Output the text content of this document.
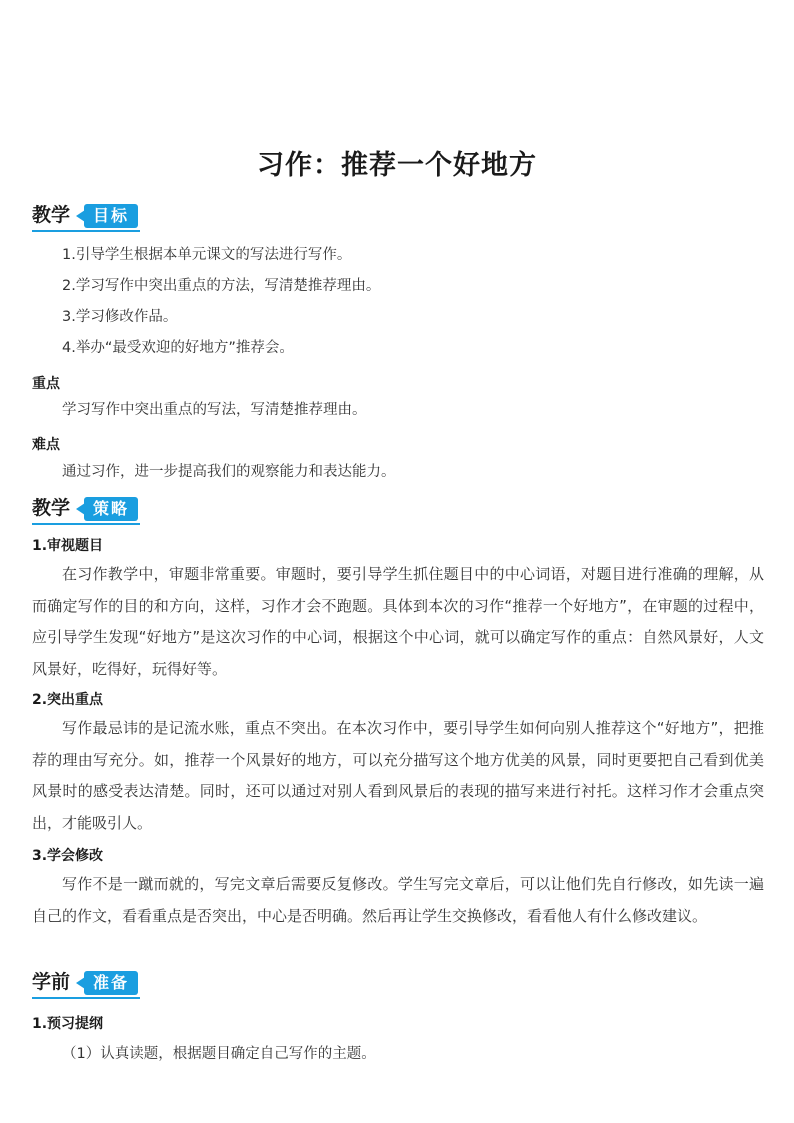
习作：推荐一个好地方
教学	目标
1.引导学生根据本单元课文的写法进行写作。
2.学习写作中突出重点的方法，写清楚推荐理由。
3.学习修改作品。
4.举办“最受欢迎的好地方”推荐会。
重点
学习写作中突出重点的写法，写清楚推荐理由。
难点
通过习作，进一步提高我们的观察能力和表达能力。
教学	策略
1.审视题目
在习作教学中，审题非常重要。审题时，要引导学生抓住题目中的中心词语，对题目进行准确的理解，从而确定写作的目的和方向，这样，习作才会不跑题。具体到本次的习作“推荐一个好地方”，在审题的过程中，应引导学生发现“好地方”是这次习作的中心词，根据这个中心词，就可以确定写作的重点：自然风景好，人文风景好，吃得好，玩得好等。
2.突出重点
写作最忌讳的是记流水账，重点不突出。在本次习作中，要引导学生如何向别人推荐这个“好地方”，把推荐的理由写充分。如，推荐一个风景好的地方，可以充分描写这个地方优美的风景，同时更要把自己看到优美风景时的感受表达清楚。同时，还可以通过对别人看到风景后的表现的描写来进行衬托。这样习作才会重点突出，才能吸引人。
3.学会修改
写作不是一蹴而就的，写完文章后需要反复修改。学生写完文章后，可以让他们先自行修改，如先读一遍自己的作文，看看重点是否突出，中心是否明确。然后再让学生交换修改，看看他人有什么修改建议。
学前	准备
1.预习提纲
（1）认真读题，根据题目确定自己写作的主题。
